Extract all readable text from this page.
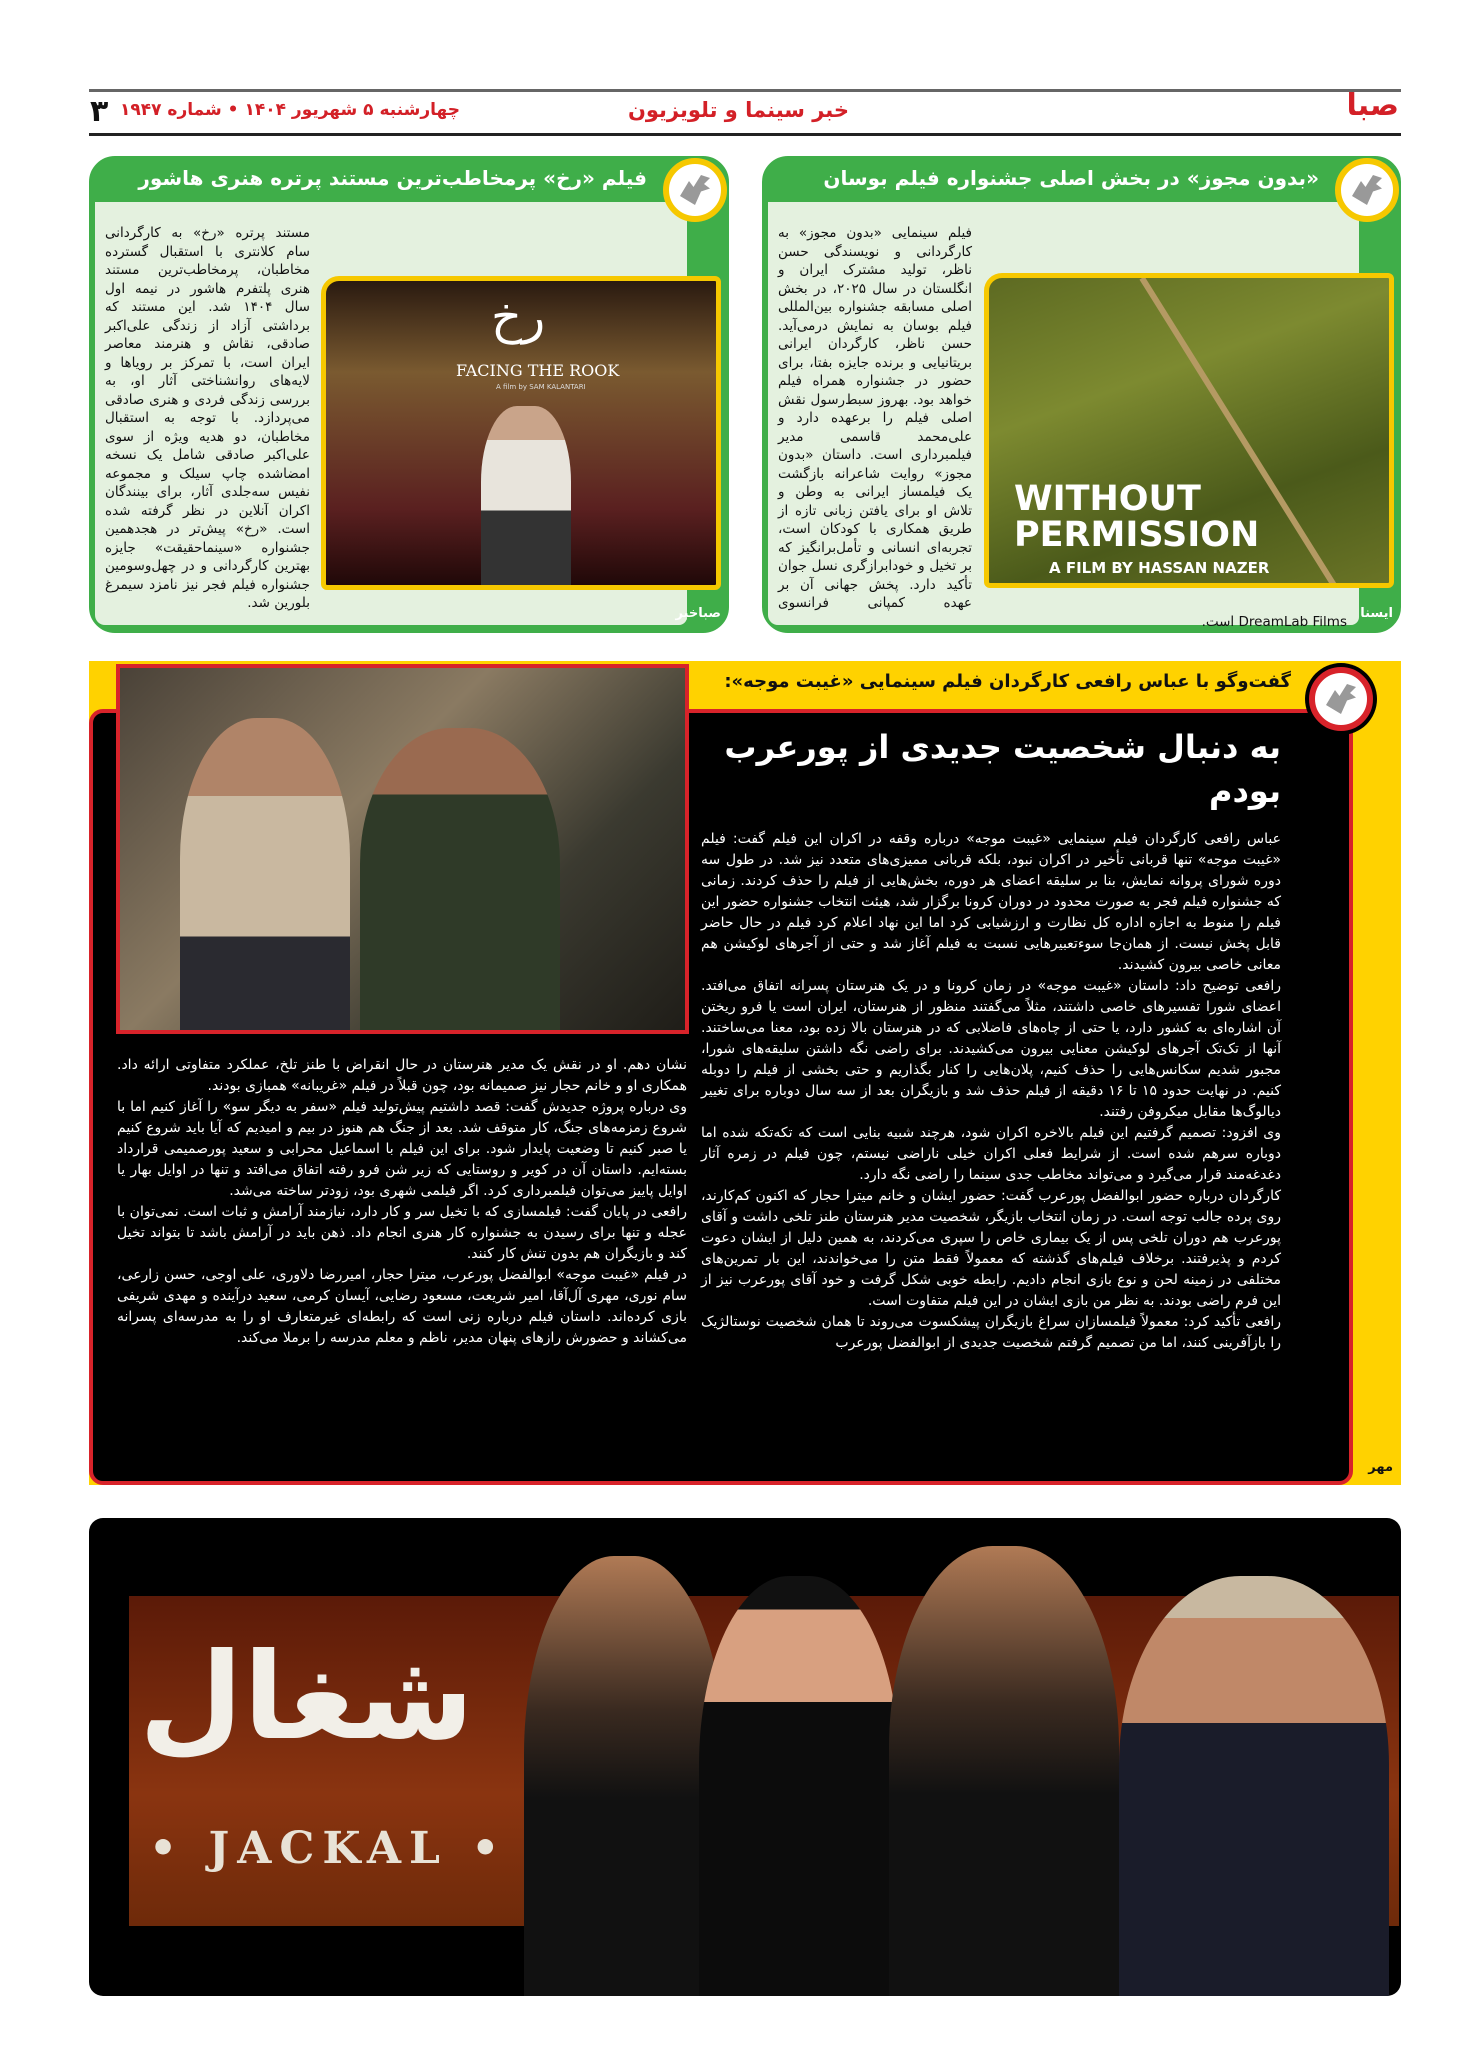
صبا
خبر سینما و تلویزیون
چهارشنبه ۵ شهریور ۱۴۰۴ • شماره ۱۹۴۷
۳
«بدون مجوز» در بخش اصلی جشنواره فیلم بوسان
WITHOUT PERMISSION
A FILM BY HASSAN NAZER
فیلم سینمایی «بدون مجوز» به کارگردانی و نویسندگی حسن ناظر، تولید مشترک ایران و انگلستان در سال ۲۰۲۵، در بخش اصلی مسابقه جشنواره بین‌المللی فیلم بوسان به نمایش درمی‌آید. حسن ناظر، کارگردان ایرانی بریتانیایی و برنده جایزه بفتا، برای حضور در جشنواره همراه فیلم خواهد بود. بهروز سبط‌رسول نقش اصلی فیلم را برعهده دارد و علی‌محمد قاسمی مدیر فیلمبرداری است. داستان «بدون مجوز» روایت شاعرانه بازگشت یک فیلمساز ایرانی به وطن و تلاش او برای یافتن زبانی تازه از طریق همکاری با کودکان است، تجربه‌ای انسانی و تأمل‌برانگیز که بر تخیل و خودابرازگری نسل جوان تأکید دارد. پخش جهانی آن بر عهده کمپانی فرانسوی DreamLab Films است. ایسنا
فیلم «رخ» پرمخاطب‌ترین مستند پرتره هنری هاشور
رخ
FACING THE ROOK
A film by SAM KALANTARI
مستند پرتره «رخ» به کارگردانی سام کلانتری با استقبال گسترده مخاطبان، پرمخاطب‌ترین مستند هنری پلتفرم هاشور در نیمه اول سال ۱۴۰۴ شد. این مستند که برداشتی آزاد از زندگی علی‌اکبر صادقی، نقاش و هنرمند معاصر ایران است، با تمرکز بر رویاها و لایه‌های روانشناختی آثار او، به بررسی زندگی فردی و هنری صادقی می‌پردازد. با توجه به استقبال مخاطبان، دو هدیه ویژه از سوی علی‌اکبر صادقی شامل یک نسخه امضاشده چاپ سیلک و مجموعه نفیس سه‌جلدی آثار، برای بینندگان اکران آنلاین در نظر گرفته شده است. «رخ» پیش‌تر در هجدهمین جشنواره «سینماحقیقت» جایزه بهترین کارگردانی و در چهل‌وسومین جشنواره فیلم فجر نیز نامزد سیمرغ بلورین شد.
صباخبر
گفت‌وگو با عباس رافعی کارگردان فیلم سینمایی «غیبت موجه»:
به دنبال شخصیت جدیدی از پورعرب بودم

عباس رافعی کارگردان فیلم سینمایی «غیبت موجه» درباره وقفه در اکران این فیلم گفت: فیلم «غیبت موجه» تنها قربانی تأخیر در اکران نبود، بلکه قربانی ممیزی‌های متعدد نیز شد. در طول سه دوره شورای پروانه نمایش، بنا بر سلیقه اعضای هر دوره، بخش‌هایی از فیلم را حذف کردند. زمانی که جشنواره فیلم فجر به صورت محدود در دوران کرونا برگزار شد، هیئت انتخاب جشنواره حضور این فیلم را منوط به اجازه اداره کل نظارت و ارزشیابی کرد اما این نهاد اعلام کرد فیلم در حال حاضر قابل پخش نیست. از همان‌جا سوءتعبیرهایی نسبت به فیلم آغاز شد و حتی از آجرهای لوکیشن هم معانی خاصی بیرون کشیدند.

رافعی توضیح داد: داستان «غیبت موجه» در زمان کرونا و در یک هنرستان پسرانه اتفاق می‌افتد. اعضای شورا تفسیرهای خاصی داشتند، مثلاً می‌گفتند منظور از هنرستان، ایران است یا فرو ریختن آن اشاره‌ای به کشور دارد، یا حتی از چاه‌های فاضلابی که در هنرستان بالا زده بود، معنا می‌ساختند. آنها از تک‌تک آجرهای لوکیشن معنایی بیرون می‌کشیدند. برای راضی نگه داشتن سلیقه‌های شورا، مجبور شدیم سکانس‌هایی را حذف کنیم، پلان‌هایی را کنار بگذاریم و حتی بخشی از فیلم را دوبله کنیم. در نهایت حدود ۱۵ تا ۱۶ دقیقه از فیلم حذف شد و بازیگران بعد از سه سال دوباره برای تغییر دیالوگ‌ها مقابل میکروفن رفتند.

وی افزود: تصمیم گرفتیم این فیلم بالاخره اکران شود، هرچند شبیه بنایی است که تکه‌تکه شده اما دوباره سرهم شده است. از شرایط فعلی اکران خیلی ناراضی نیستم، چون فیلم در زمره آثار دغدغه‌مند قرار می‌گیرد و می‌تواند مخاطب جدی سینما را راضی نگه دارد.

کارگردان درباره حضور ابوالفضل پورعرب گفت: حضور ایشان و خانم میترا حجار که اکنون کم‌کارند، روی پرده جالب توجه است. در زمان انتخاب بازیگر، شخصیت مدیر هنرستان طنز تلخی داشت و آقای پورعرب هم دوران تلخی پس از یک بیماری خاص را سپری می‌کردند، به همین دلیل از ایشان دعوت کردم و پذیرفتند. برخلاف فیلم‌های گذشته که معمولاً فقط متن را می‌خواندند، این بار تمرین‌های مختلفی در زمینه لحن و نوع بازی انجام دادیم. رابطه خوبی شکل گرفت و خود آقای پورعرب نیز از این فرم راضی بودند. به نظر من بازی ایشان در این فیلم متفاوت است.

رافعی تأکید کرد: معمولاً فیلمسازان سراغ بازیگران پیشکسوت می‌روند تا همان شخصیت نوستالژیک را بازآفرینی کنند، اما من تصمیم گرفتم شخصیت جدیدی از ابوالفضل پورعرب

نشان دهم. او در نقش یک مدیر هنرستان در حال انقراض با طنز تلخ، عملکرد متفاوتی ارائه داد. همکاری او و خانم حجار نیز صمیمانه بود، چون قبلاً در فیلم «غریبانه» همبازی بودند.

وی درباره پروژه جدیدش گفت: قصد داشتیم پیش‌تولید فیلم «سفر به دیگر سو» را آغاز کنیم اما با شروع زمزمه‌های جنگ، کار متوقف شد. بعد از جنگ هم هنوز در بیم و امیدیم که آیا باید شروع کنیم یا صبر کنیم تا وضعیت پایدار شود. برای این فیلم با اسماعیل محرابی و سعید پورصمیمی قرارداد بسته‌ایم. داستان آن در کویر و روستایی که زیر شن فرو رفته اتفاق می‌افتد و تنها در اوایل بهار یا اوایل پاییز می‌توان فیلمبرداری کرد. اگر فیلمی شهری بود، زودتر ساخته می‌شد.

رافعی در پایان گفت: فیلمسازی که با تخیل سر و کار دارد، نیازمند آرامش و ثبات است. نمی‌توان با عجله و تنها برای رسیدن به جشنواره کار هنری انجام داد. ذهن باید در آرامش باشد تا بتواند تخیل کند و بازیگران هم بدون تنش کار کنند.

در فیلم «غیبت موجه» ابوالفضل پورعرب، میترا حجار، امیررضا دلاوری، علی اوجی، حسن زارعی، سام نوری، مهری آل‌آقا، امیر شریعت، مسعود رضایی، آیسان کرمی، سعید درآینده و مهدی شریفی بازی کرده‌اند. داستان فیلم درباره زنی است که رابطه‌ای غیرمتعارف او را به مدرسه‌ای پسرانه می‌کشاند و حضورش رازهای پنهان مدیر، ناظم و معلم مدرسه را برملا می‌کند.

مهر
شغال
• JACKAL •
